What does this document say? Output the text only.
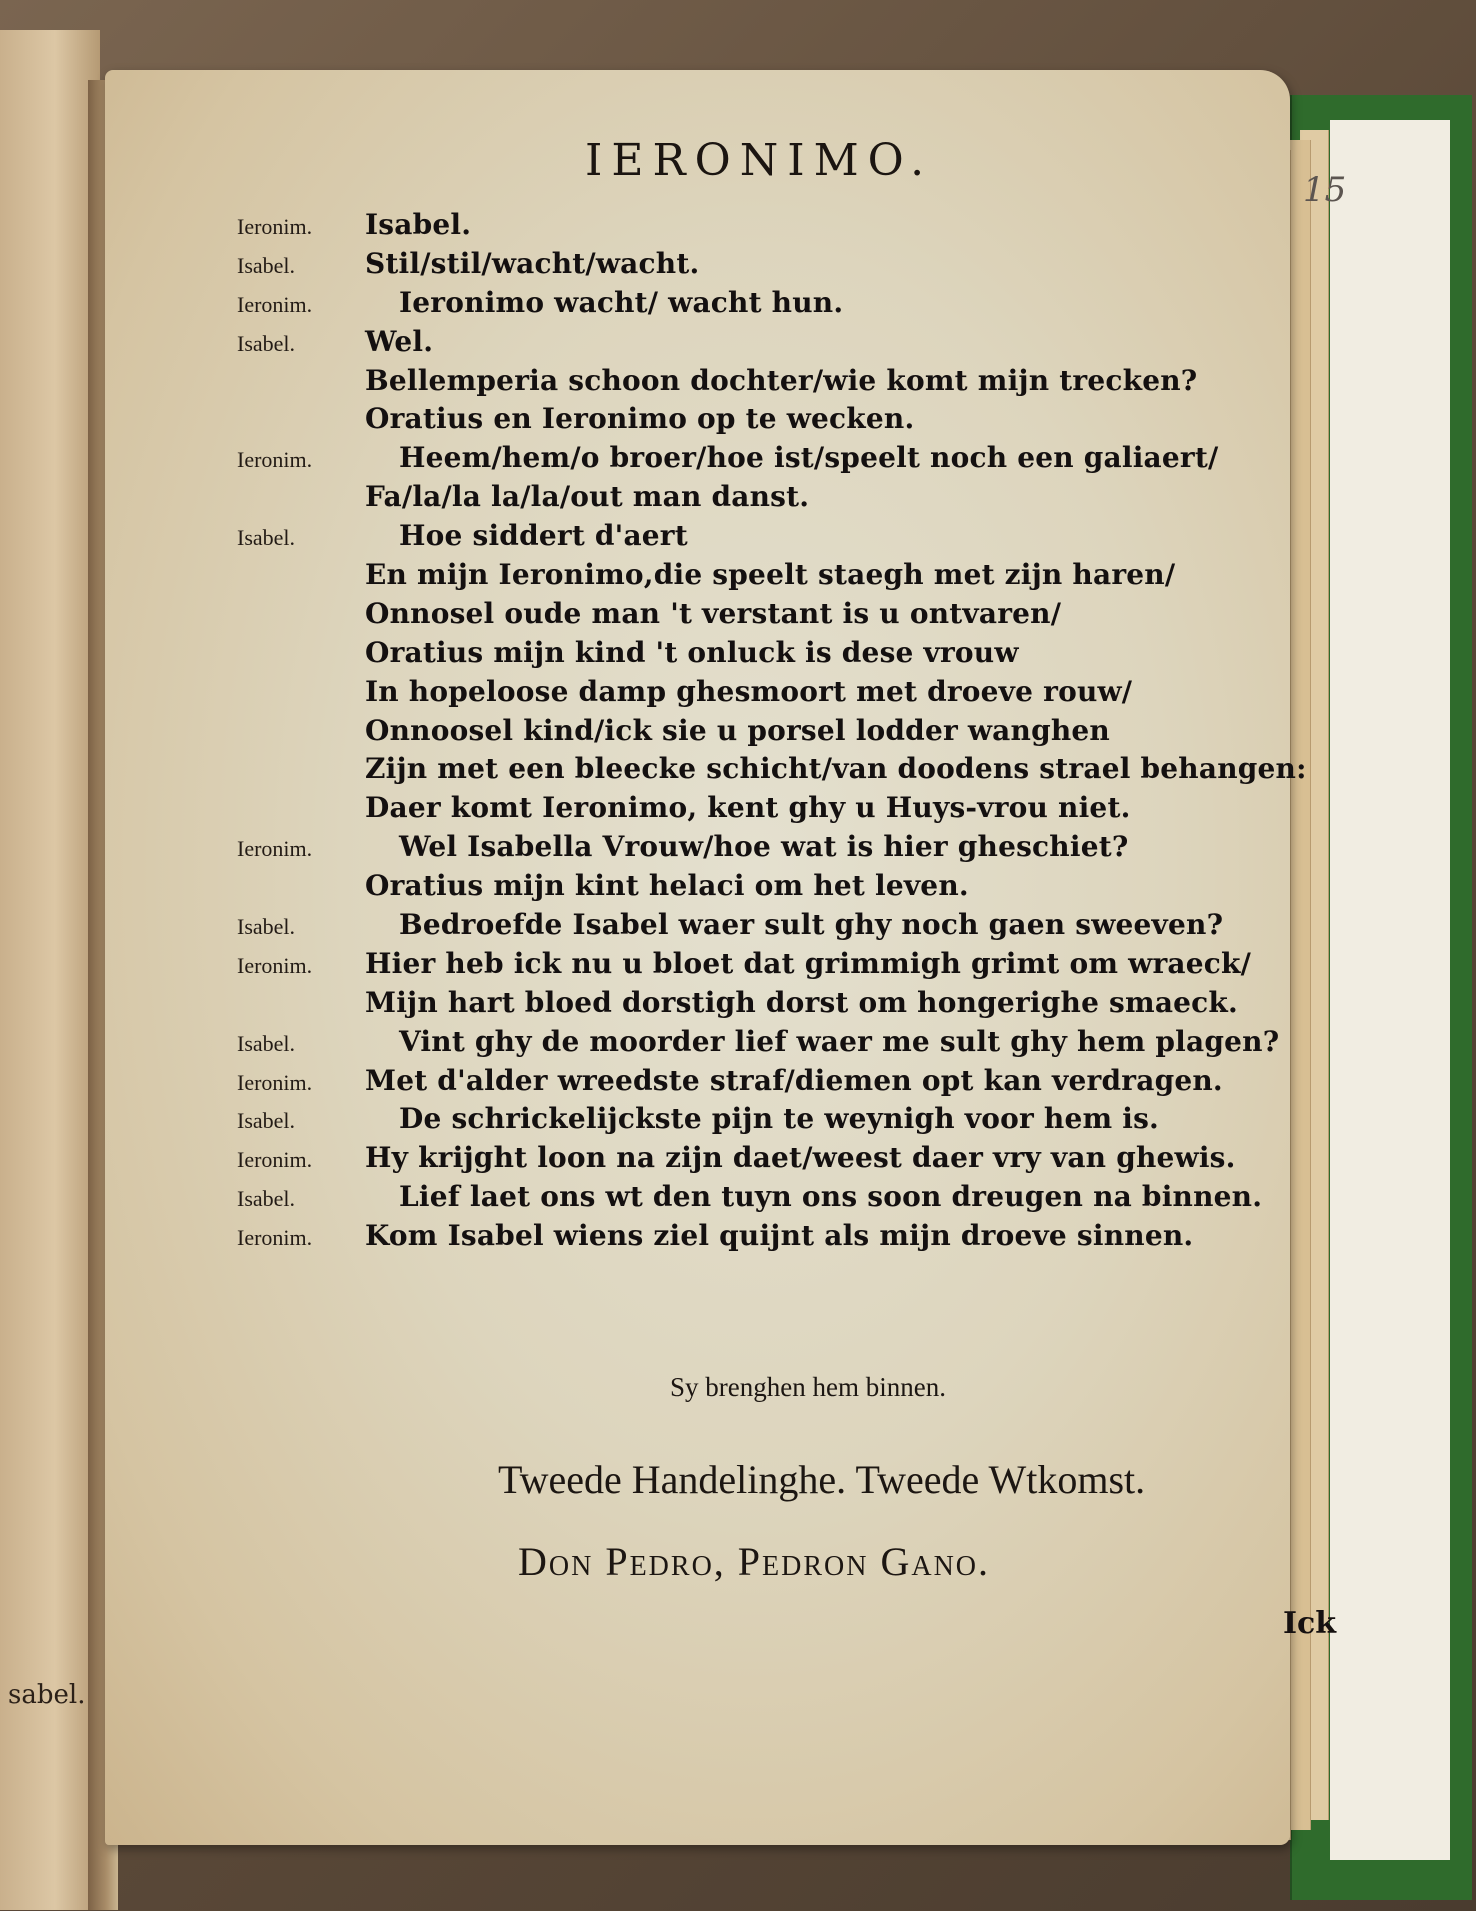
sabel.
IERONIMO.
15
Ieronim.	Isabel.
Isabel.	Stil/stil/wacht/wacht.
Ieronim.	Ieronimo wacht/ wacht hun.
Isabel.	Wel.
Bellemperia schoon dochter/wie komt mijn trecken?
Oratius en Ieronimo op te wecken.
Ieronim.	Heem/hem/o broer/hoe ist/speelt noch een galiaert/
Fa/la/la la/la/out man danst.
Isabel.	Hoe siddert d'aert
En mijn Ieronimo,die speelt staegh met zijn haren/
Onnosel oude man 't verstant is u ontvaren/
Oratius mijn kind 't onluck is dese vrouw
In hopeloose damp ghesmoort met droeve rouw/
Onnoosel kind/ick sie u porsel lodder wanghen
Zijn met een bleecke schicht/van doodens strael behangen:
Daer komt Ieronimo, kent ghy u Huys-vrou niet.
Ieronim.	Wel Isabella Vrouw/hoe wat is hier gheschiet?
Oratius mijn kint helaci om het leven.
Isabel.	Bedroefde Isabel waer sult ghy noch gaen sweeven?
Ieronim.	Hier heb ick nu u bloet dat grimmigh grimt om wraeck/
Mijn hart bloed dorstigh dorst om hongerighe smaeck.
Isabel.	Vint ghy de moorder lief waer me sult ghy hem plagen?
Ieronim.	Met d'alder wreedste straf/diemen opt kan verdragen.
Isabel.	De schrickelijckste pijn te weynigh voor hem is.
Ieronim.	Hy krijght loon na zijn daet/weest daer vry van ghewis.
Isabel.	Lief laet ons wt den tuyn ons soon dreugen na binnen.
Ieronim.	Kom Isabel wiens ziel quijnt als mijn droeve sinnen.
Sy brenghen hem binnen.
Tweede Handelinghe. Tweede Wtkomst.
Don Pedro, Pedron Gano.
Ick
